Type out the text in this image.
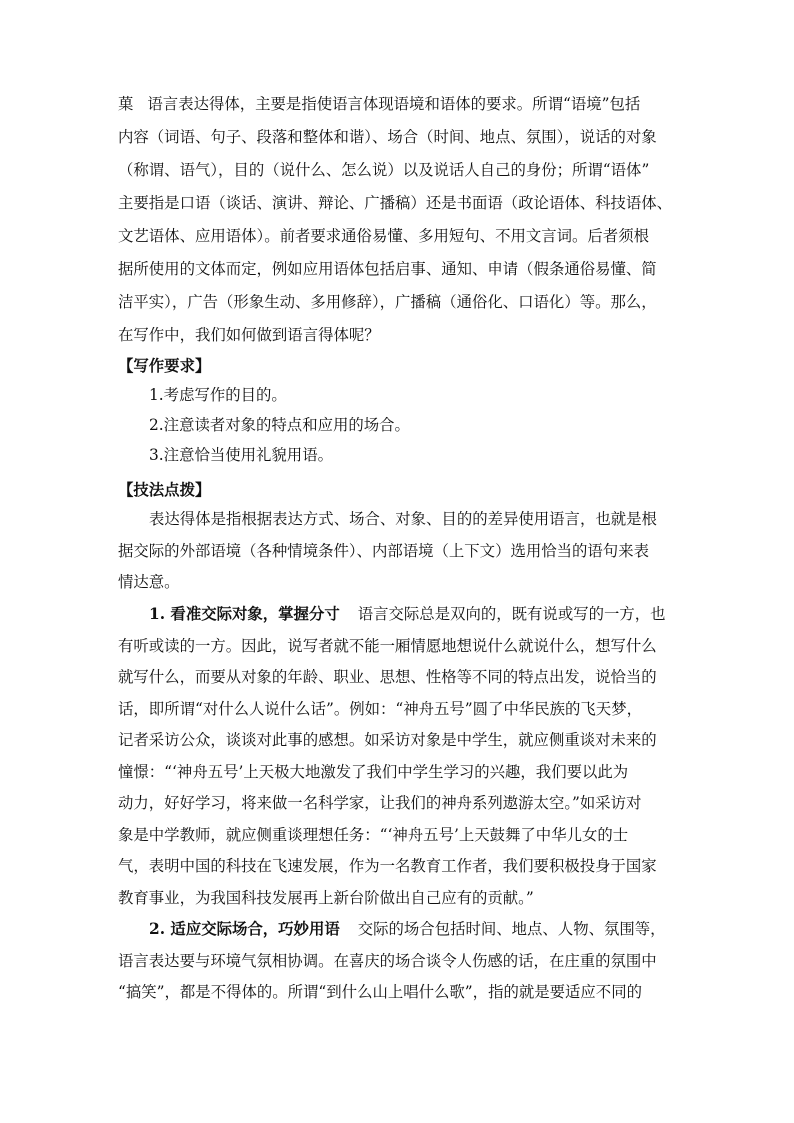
菓 语言表达得体，主要是指使语言体现语境和语体的要求。所谓“语境”包括
内容（词语、句子、段落和整体和谐）、场合（时间、地点、氛围），说话的对象
（称谓、语气），目的（说什么、怎么说）以及说话人自己的身份；所谓“语体”
主要指是口语（谈话、演讲、辩论、广播稿）还是书面语（政论语体、科技语体、
文艺语体、应用语体）。前者要求通俗易懂、多用短句、不用文言词。后者须根
据所使用的文体而定，例如应用语体包括启事、通知、申请（假条通俗易懂、简
洁平实），广告（形象生动、多用修辞），广播稿（通俗化、口语化）等。那么，
在写作中，我们如何做到语言得体呢？
【写作要求】
1.考虑写作的目的。
2.注意读者对象的特点和应用的场合。
3.注意恰当使用礼貌用语。
【技法点拨】
表达得体是指根据表达方式、场合、对象、目的的差异使用语言，也就是根
据交际的外部语境（各种情境条件）、内部语境（上下文）选用恰当的语句来表
情达意。
1. 看准交际对象，掌握分寸 语言交际总是双向的，既有说或写的一方，也
有听或读的一方。因此，说写者就不能一厢情愿地想说什么就说什么，想写什么
就写什么，而要从对象的年龄、职业、思想、性格等不同的特点出发，说恰当的
话，即所谓“对什么人说什么话”。例如：“神舟五号”圆了中华民族的飞天梦，
记者采访公众，谈谈对此事的感想。如采访对象是中学生，就应侧重谈对未来的
憧憬：“‘神舟五号’上天极大地激发了我们中学生学习的兴趣，我们要以此为
动力，好好学习，将来做一名科学家，让我们的神舟系列遨游太空。”如采访对
象是中学教师，就应侧重谈理想任务：“‘神舟五号’上天鼓舞了中华儿女的士
气，表明中国的科技在飞速发展，作为一名教育工作者，我们要积极投身于国家
教育事业，为我国科技发展再上新台阶做出自己应有的贡献。”
2. 适应交际场合，巧妙用语 交际的场合包括时间、地点、人物、氛围等，
语言表达要与环境气氛相协调。在喜庆的场合谈令人伤感的话，在庄重的氛围中
“搞笑”，都是不得体的。所谓“到什么山上唱什么歌”，指的就是要适应不同的
